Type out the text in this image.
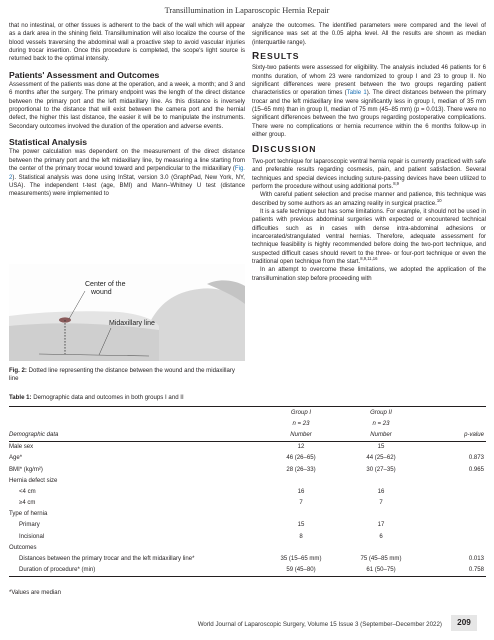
Transillumination in Laparoscopic Hernia Repair

that no intestinal, or other tissues is adherent to the back of the wall which will appear as a dark area in the shining field. Transillumination will also localize the course of the blood vessels traversing the abdominal wall a proactive step to avoid vascular injuries during trocar insertion. Once this procedure is completed, the scope's light source is returned back to the optimal intensity.

Patients' Assessment and Outcomes

Assessment of the patients was done at the operation, and a week, a month; and 3 and 6 months after the surgery. The primary endpoint was the length of the direct distance between the primary port and the left midaxillary line. As this distance is inversely proportional to the distance that will exist between the camera port and the hernial defect, the higher this last distance, the easier it will be to manipulate the instruments. Secondary outcomes involved the duration of the operation and adverse events.

Statistical Analysis

The power calculation was dependent on the measurement of the direct distance between the primary port and the left midaxillary line, by measuring a line starting from the center of the primary trocar wound toward and perpendicular to the midaxillary (Fig. 2). Statistical analysis was done using InStat, version 3.0 (GraphPad, New York, NY, USA). The independent t-test (age, BMI) and Mann–Whitney U test (distance measurements) were implemented to

Center of the
wound
Midaxillary line
Fig. 2: Dotted line representing the distance between the wound and the midaxillary line

analyze the outcomes. The identified parameters were compared and the level of significance was set at the 0.05 alpha level. All the results are shown as median (interquartile range).

RESULTS

Sixty-two patients were assessed for eligibility. The analysis included 46 patients for 6 months duration, of whom 23 were randomized to group I and 23 to group II. No significant differences were present between the two groups regarding patient characteristics or operation times (Table 1). The direct distances between the primary trocar and the left midaxillary line were significantly less in group I, median of 35 mm (15–65 mm) than in group II, median of 75 mm (45–85 mm) (p = 0.013). There were no significant differences between the two groups regarding postoperative complications. There were no complications or hernia recurrence within the 6 months follow-up in either group.

DISCUSSION

Two-port technique for laparoscopic ventral hernia repair is currently practiced with safe and preferable results regarding cosmesis, pain, and patient satisfaction. Several techniques and special devices including suture-passing devices have been utilized to perform the procedure without using additional ports.$^{8,9}$

With careful patient selection and precise manner and patience, this technique was described by some authors as an amazing reality in surgical practice.$^{10}$

It is a safe technique but has some limitations. For example, it should not be used in patients with previous abdominal surgeries with expected or encountered technical difficulties such as in cases with dense intra-abdominal adhesions or incarcerated/strangulated ventral hernias. Therefore, adequate assessment for technique feasibility is highly recommended before doing the two-port technique, and suspected difficult cases should revert to the three- or four-port technique or even the traditional open technique from the start.$^{8,9,11,16}$

In an attempt to overcome these limitations, we adopted the application of the transillumination step before proceeding with

Table 1: Demographic data and outcomes in both groups I and II
	Group I	Group II	
	n = 23	n = 23	
Demographic data	Number	Number	p-value
Male sex	12	15	
Age*	46 (26–65)	44 (25–62)	0.873
BMI* (kg/m²)	28 (26–33)	30 (27–35)	0.965
Hernia defect size			
<4 cm	16	16	
≥4 cm	7	7	
Type of hernia			
Primary	15	17	
Incisional	8	6	
Outcomes			
Distances between the primary trocar and the left midaxillary line*	35 (15–65 mm)	75 (45–85 mm)	0.013
Duration of procedure* (min)	59 (45–80)	61 (50–75)	0.758
*Values are median
World Journal of Laparoscopic Surgery, Volume 15 Issue 3 (September–December 2022)	209
